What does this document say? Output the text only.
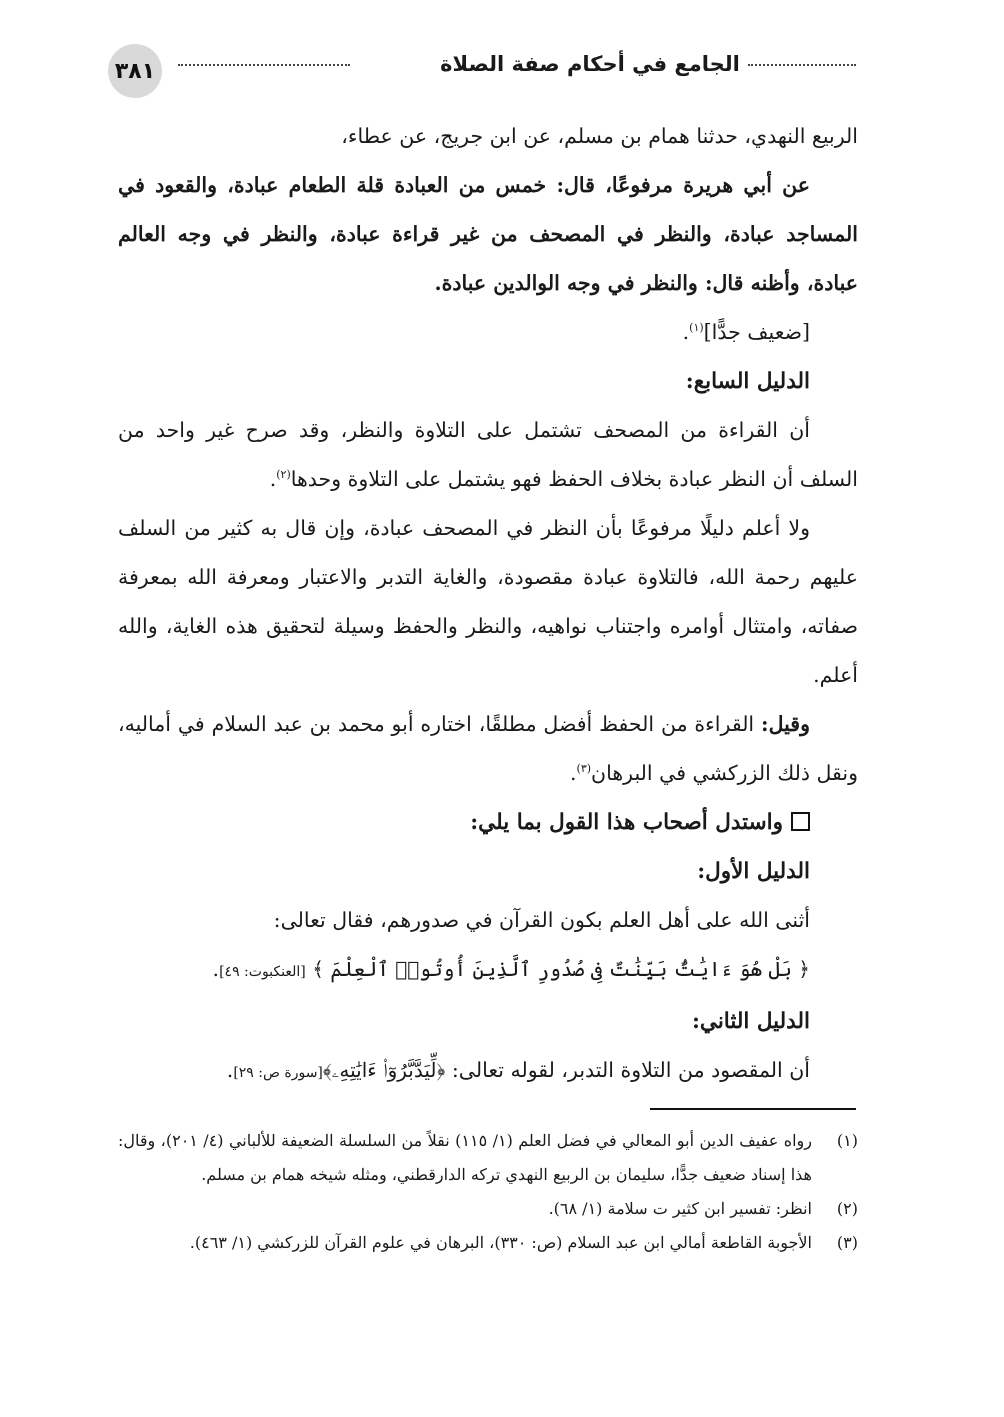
٣٨١	الجامع في أحكام صفة الصلاة

الربيع النهدي، حدثنا همام بن مسلم، عن ابن جريج، عن عطاء،

عن أبي هريرة مرفوعًا، قال: خمس من العبادة قلة الطعام عبادة، والقعود في المساجد عبادة، والنظر في المصحف من غير قراءة عبادة، والنظر في وجه العالم عبادة، وأظنه قال: والنظر في وجه الوالدين عبادة.

[ضعيف جدًّا]$^{(١)}$.

الدليل السابع:

أن القراءة من المصحف تشتمل على التلاوة والنظر، وقد صرح غير واحد من السلف أن النظر عبادة بخلاف الحفظ فهو يشتمل على التلاوة وحدها$^{(٢)}$.

ولا أعلم دليلًا مرفوعًا بأن النظر في المصحف عبادة، وإن قال به كثير من السلف عليهم رحمة الله، فالتلاوة عبادة مقصودة، والغاية التدبر والاعتبار ومعرفة الله بمعرفة صفاته، وامتثال أوامره واجتناب نواهيه، والنظر والحفظ وسيلة لتحقيق هذه الغاية، والله أعلم.

وقيل: القراءة من الحفظ أفضل مطلقًا، اختاره أبو محمد بن عبد السلام في أماليه، ونقل ذلك الزركشي في البرهان$^{(٣)}$.

واستدل أصحاب هذا القول بما يلي:

الدليل الأول:

أثنى الله على أهل العلم بكون القرآن في صدورهم، فقال تعالى:

﴿ بَلْ هُوَ ءَايَٰتٌۢ بَيِّنَٰتٌ فِى صُدُورِ ٱلَّذِينَ أُوتُوا۟ ٱلْعِلْمَ ﴾ [العنكبوت: ٤٩].

الدليل الثاني:

أن المقصود من التلاوة التدبر، لقوله تعالى: ﴿لِّيَدَّبَّرُوٓا۟ ءَايَٰتِهِۦ﴾[سورة ص: ٢٩].

(١)
رواه عفيف الدين أبو المعالي في فضل العلم (١/ ١١٥) نقلاً من السلسلة الضعيفة للألباني (٤/ ٢٠١)، وقال: هذا إسناد ضعيف جدًّا، سليمان بن الربيع النهدي تركه الدارقطني، ومثله شيخه همام بن مسلم.
(٢)
انظر: تفسير ابن كثير ت سلامة (١/ ٦٨).
(٣)
الأجوبة القاطعة أمالي ابن عبد السلام (ص: ٣٣٠)، البرهان في علوم القرآن للزركشي (١/ ٤٦٣).
